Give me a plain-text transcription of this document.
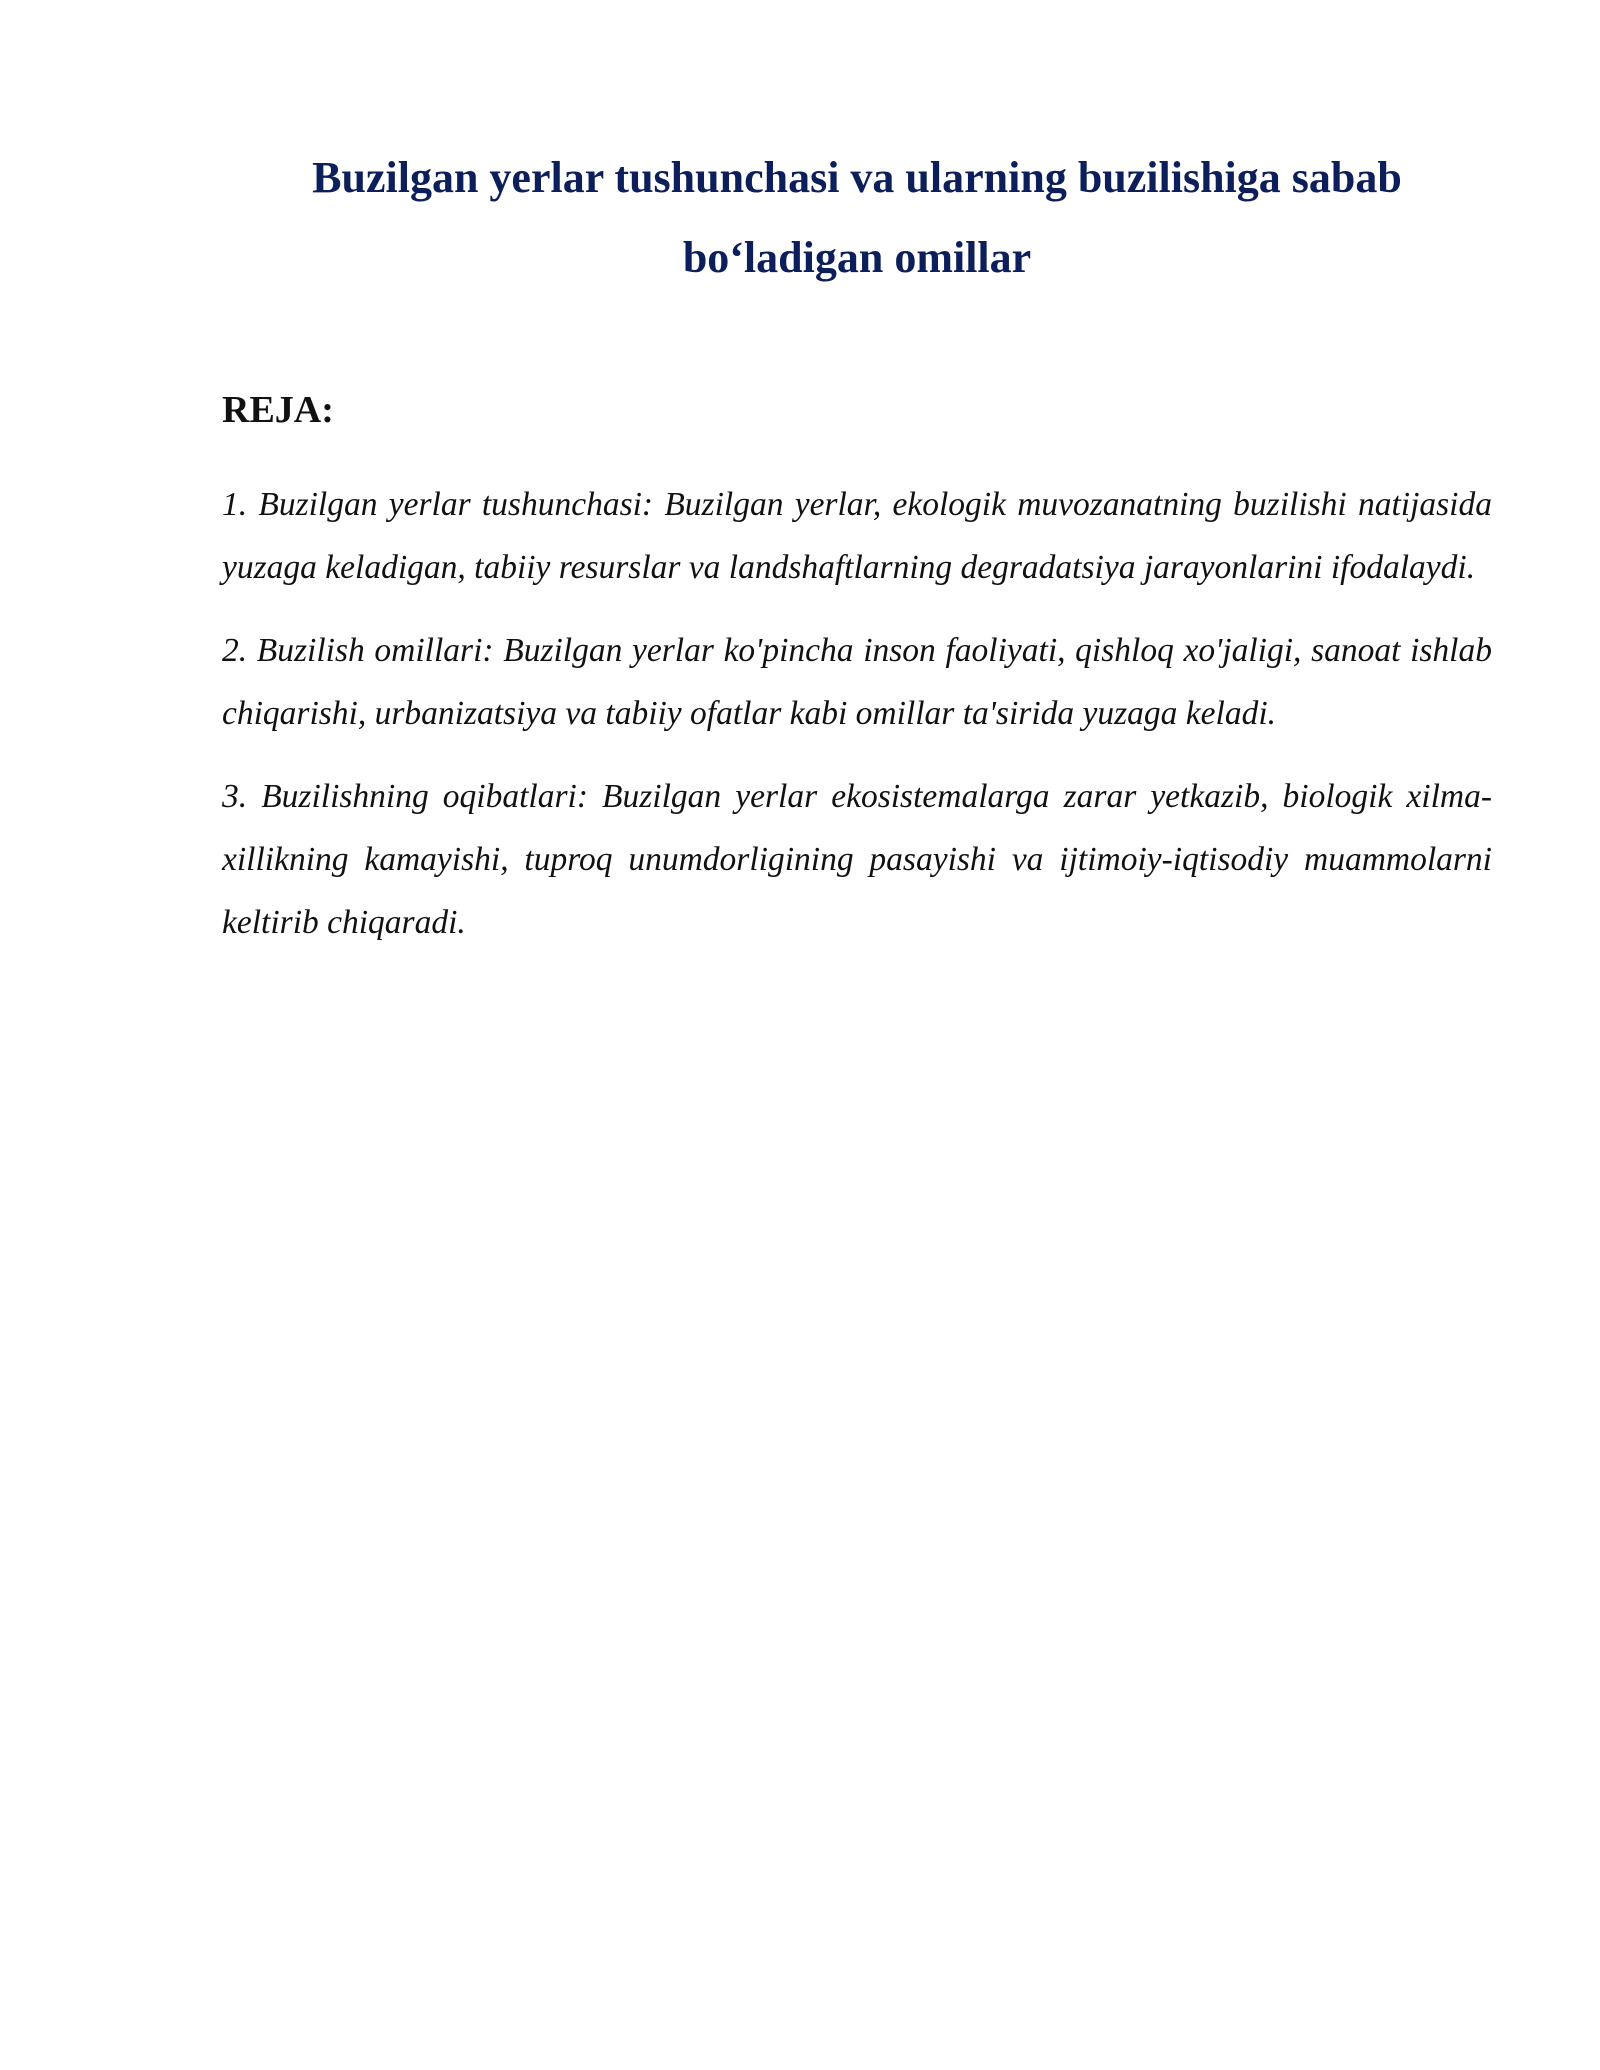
Buzilgan yerlar tushunchasi va ularning buzilishiga sabab
bo‘ladigan omillar
REJA:

1. Buzilgan yerlar tushunchasi: Buzilgan yerlar, ekologik muvozanatning buzilishi natijasida yuzaga keladigan, tabiiy resurslar va landshaftlarning degradatsiya jarayonlarini ifodalaydi.

2. Buzilish omillari: Buzilgan yerlar ko'pincha inson faoliyati, qishloq xo'jaligi, sanoat ishlab chiqarishi, urbanizatsiya va tabiiy ofatlar kabi omillar ta'sirida yuzaga keladi.

3. Buzilishning oqibatlari: Buzilgan yerlar ekosistemalarga zarar yetkazib, biologik xilma-xillikning kamayishi, tuproq unumdorligining pasayishi va ijtimoiy-iqtisodiy muammolarni keltirib chiqaradi.
